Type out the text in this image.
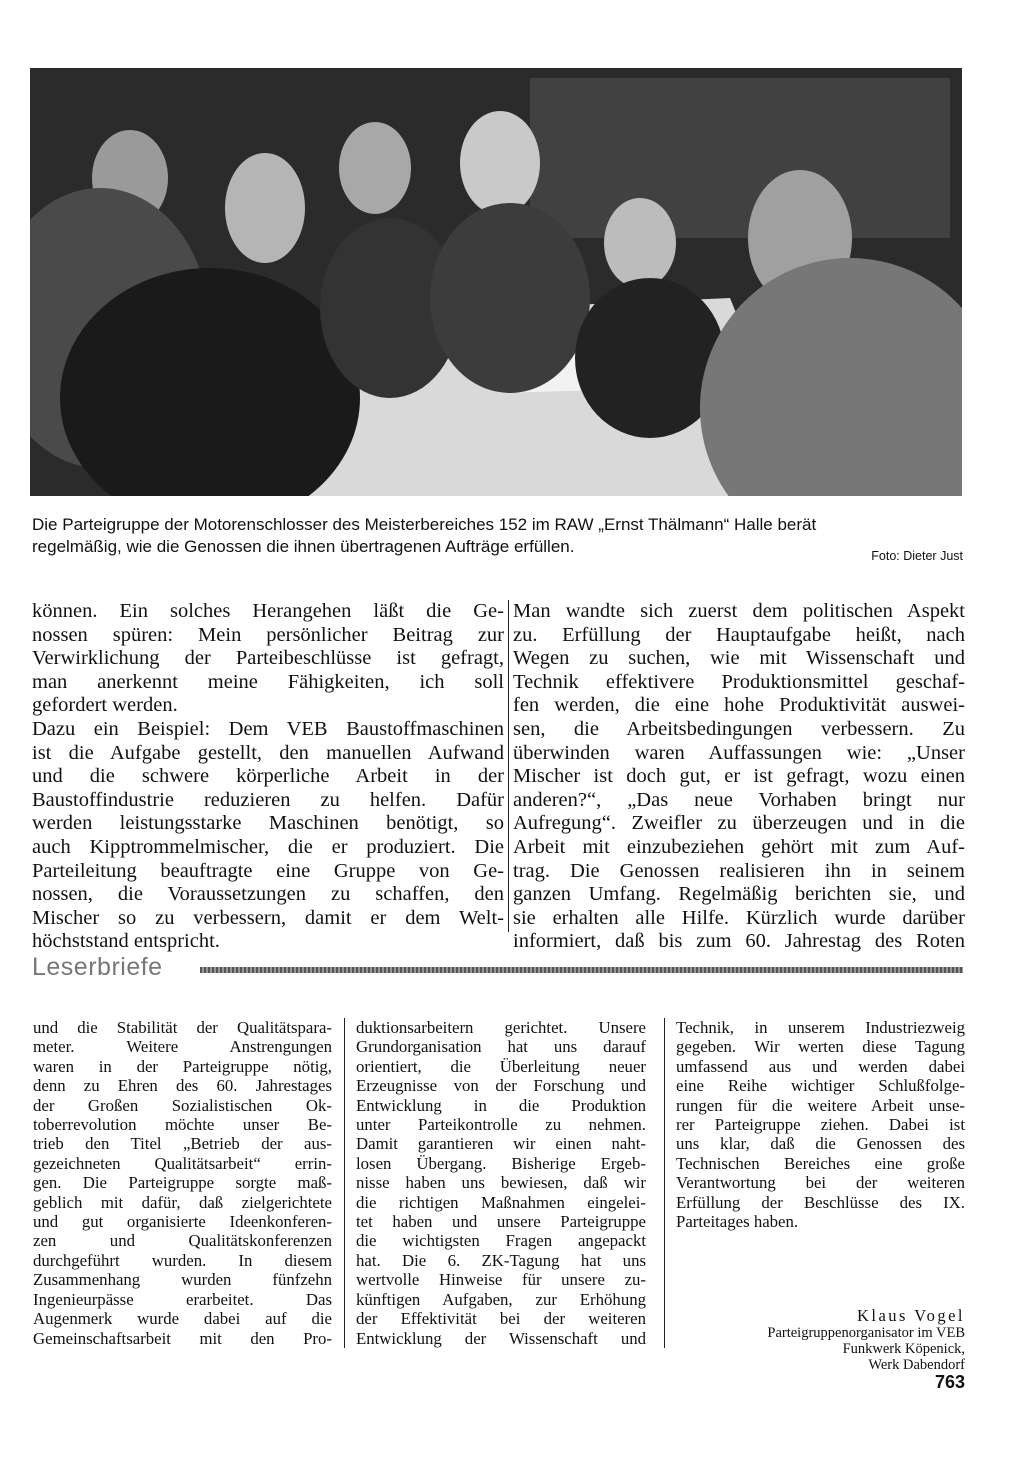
Die Parteigruppe der Motorenschlosser des Meisterbereiches 152 im RAW „Ernst Thälmann“ Halle berät
regelmäßig, wie die Genossen die ihnen übertragenen Aufträge erfüllen.	Foto: Dieter Just
können. Ein solches Herangehen läßt die Ge-
nossen spüren: Mein persönlicher Beitrag zur
Verwirklichung der Parteibeschlüsse ist gefragt,
man anerkennt meine Fähigkeiten, ich soll
gefordert werden.
Dazu ein Beispiel: Dem VEB Baustoffmaschinen
ist die Aufgabe gestellt, den manuellen Aufwand
und die schwere körperliche Arbeit in der
Baustoffindustrie reduzieren zu helfen. Dafür
werden leistungsstarke Maschinen benötigt, so
auch Kipptrommelmischer, die er produziert. Die
Parteileitung beauftragte eine Gruppe von Ge-
nossen, die Voraussetzungen zu schaffen, den
Mischer so zu verbessern, damit er dem Welt-
höchststand entspricht.
Man wandte sich zuerst dem politischen Aspekt
zu. Erfüllung der Hauptaufgabe heißt, nach
Wegen zu suchen, wie mit Wissenschaft und
Technik effektivere Produktionsmittel geschaf-
fen werden, die eine hohe Produktivität auswei-
sen, die Arbeitsbedingungen verbessern. Zu
überwinden waren Auffassungen wie: „Unser
Mischer ist doch gut, er ist gefragt, wozu einen
anderen?“, „Das neue Vorhaben bringt nur
Aufregung“. Zweifler zu überzeugen und in die
Arbeit mit einzubeziehen gehört mit zum Auf-
trag. Die Genossen realisieren ihn in seinem
ganzen Umfang. Regelmäßig berichten sie, und
sie erhalten alle Hilfe. Kürzlich wurde darüber
informiert, daß bis zum 60. Jahrestag des Roten
Leserbriefe
und die Stabilität der Qualitätspara-
meter. Weitere Anstrengungen
waren in der Parteigruppe nötig,
denn zu Ehren des 60. Jahrestages
der Großen Sozialistischen Ok-
toberrevolution möchte unser Be-
trieb den Titel „Betrieb der aus-
gezeichneten Qualitätsarbeit“ errin-
gen. Die Parteigruppe sorgte maß-
geblich mit dafür, daß zielgerichtete
und gut organisierte Ideenkonferen-
zen und Qualitätskonferenzen
durchgeführt wurden. In diesem
Zusammenhang wurden fünfzehn
Ingenieurpässe erarbeitet. Das
Augenmerk wurde dabei auf die
Gemeinschaftsarbeit mit den Pro-
duktionsarbeitern gerichtet. Unsere
Grundorganisation hat uns darauf
orientiert, die Überleitung neuer
Erzeugnisse von der Forschung und
Entwicklung in die Produktion
unter Parteikontrolle zu nehmen.
Damit garantieren wir einen naht-
losen Übergang. Bisherige Ergeb-
nisse haben uns bewiesen, daß wir
die richtigen Maßnahmen eingelei-
tet haben und unsere Parteigruppe
die wichtigsten Fragen angepackt
hat. Die 6. ZK-Tagung hat uns
wertvolle Hinweise für unsere zu-
künftigen Aufgaben, zur Erhöhung
der Effektivität bei der weiteren
Entwicklung der Wissenschaft und
Technik, in unserem Industriezweig
gegeben. Wir werten diese Tagung
umfassend aus und werden dabei
eine Reihe wichtiger Schlußfolge-
rungen für die weitere Arbeit unse-
rer Parteigruppe ziehen. Dabei ist
uns klar, daß die Genossen des
Technischen Bereiches eine große
Verantwortung bei der weiteren
Erfüllung der Beschlüsse des IX.
Parteitages haben.
Klaus Vogel
Parteigruppenorganisator im VEB
Funkwerk Köpenick,
Werk Dabendorf
763
